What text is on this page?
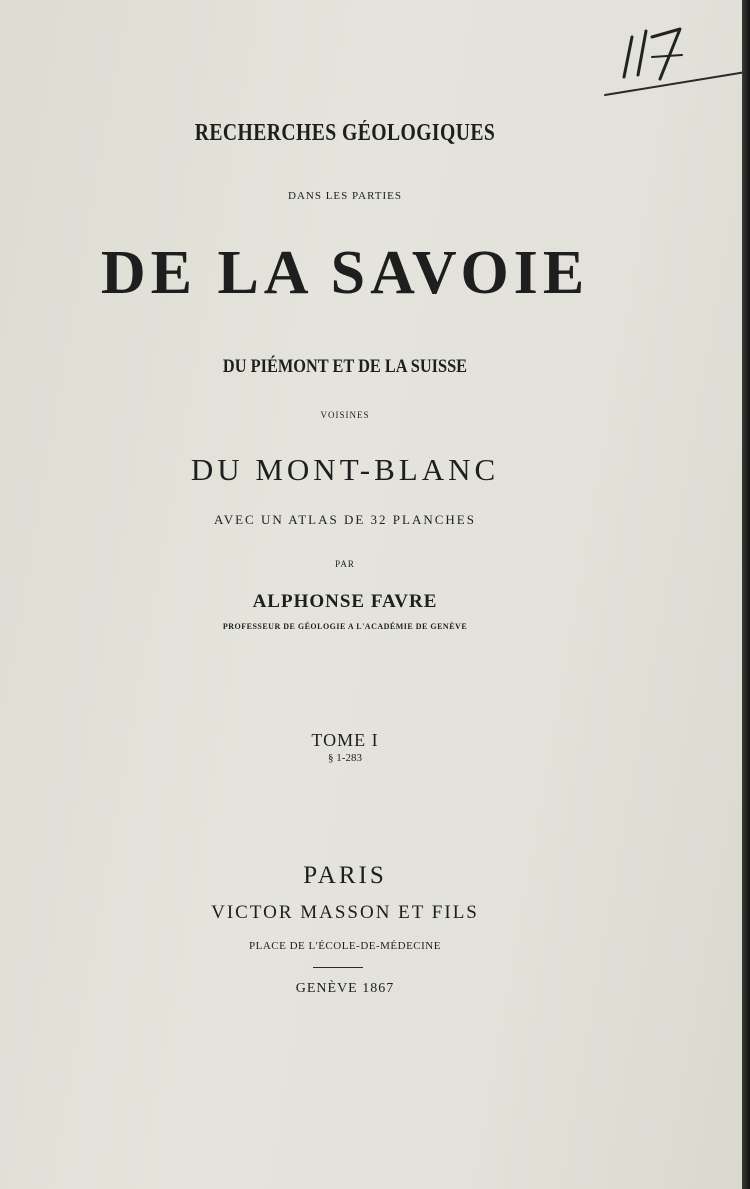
RECHERCHES GÉOLOGIQUES
DANS LES PARTIES
DE LA SAVOIE
DU PIÉMONT ET DE LA SUISSE
VOISINES
DU MONT-BLANC
AVEC UN ATLAS DE 32 PLANCHES
PAR
ALPHONSE FAVRE
PROFESSEUR DE GÉOLOGIE A L'ACADÉMIE DE GENÈVE
TOME I
§ 1-283
PARIS
VICTOR MASSON ET FILS
PLACE DE L'ÉCOLE-DE-MÉDECINE
GENÈVE 1867
